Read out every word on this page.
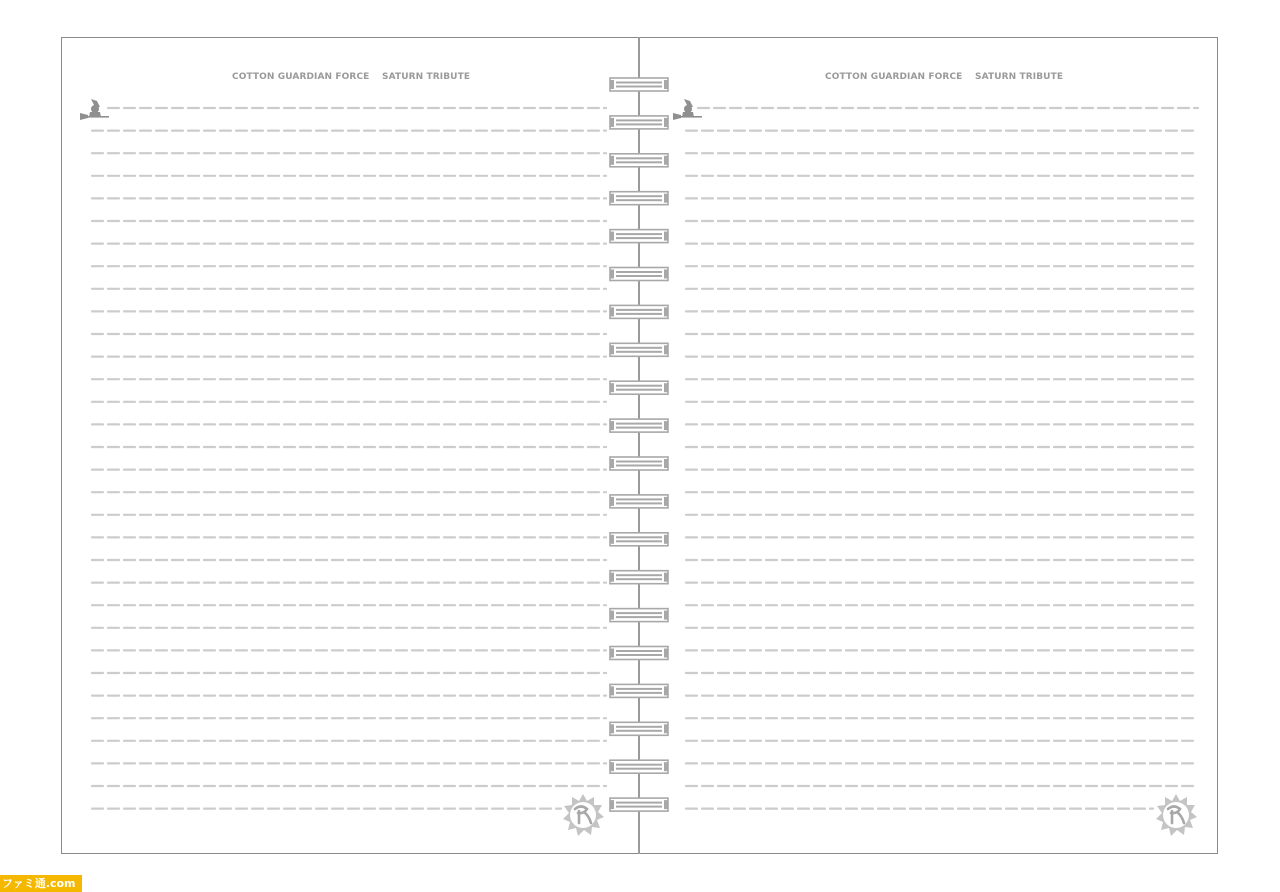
COTTON GUARDIAN FORCE SATURN TRIBUTE	COTTON GUARDIAN FORCE SATURN TRIBUTE
ファミ通.com
